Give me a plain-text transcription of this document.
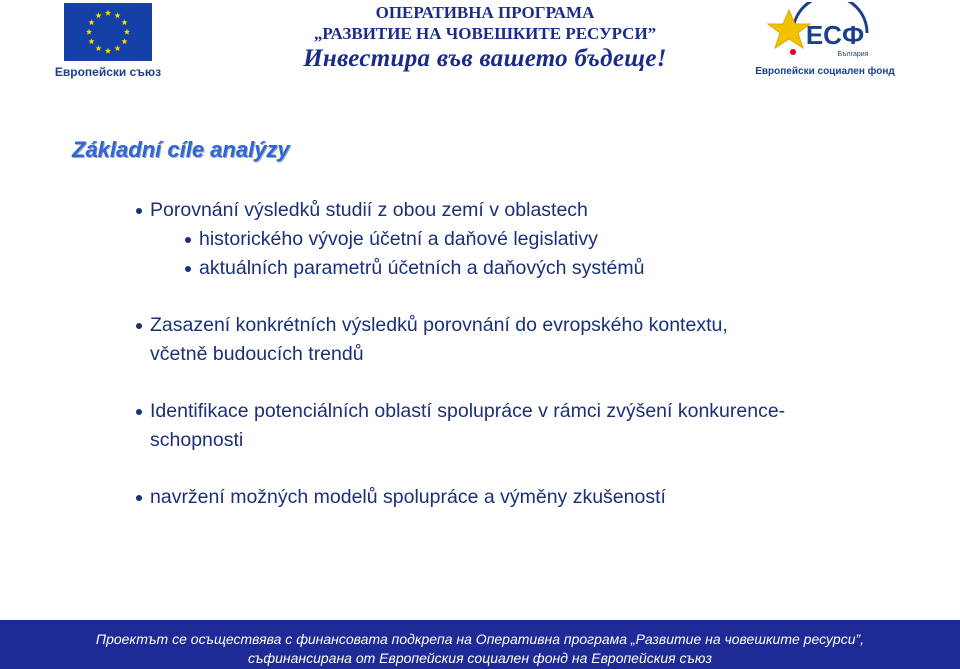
Европейски съюз
ОПЕРАТИВНА ПРОГРАМА
„РАЗВИТИЕ НА ЧОВЕШКИТЕ РЕСУРСИ”
Инвестира във вашето бъдеще!
ЕСФ
България
Европейски социален фонд
Základní cíle analýzy
Porovnání výsledků studií z obou zemí v oblastech
historického vývoje účetní a daňové legislativy
aktuálních parametrů účetních a daňových systémů
Zasazení konkrétních výsledků porovnání do evropského kontextu,
včetně budoucích trendů
Identifikace potenciálních oblastí spolupráce v rámci zvýšení konkurence-
schopnosti
navržení možných modelů spolupráce a výměny zkušeností
Проектът се осъществява с финансовата подкрепа на Оперативна програма „Развитие на човешките ресурси”,
съфинансирана от Европейския социален фонд на Европейския съюз
